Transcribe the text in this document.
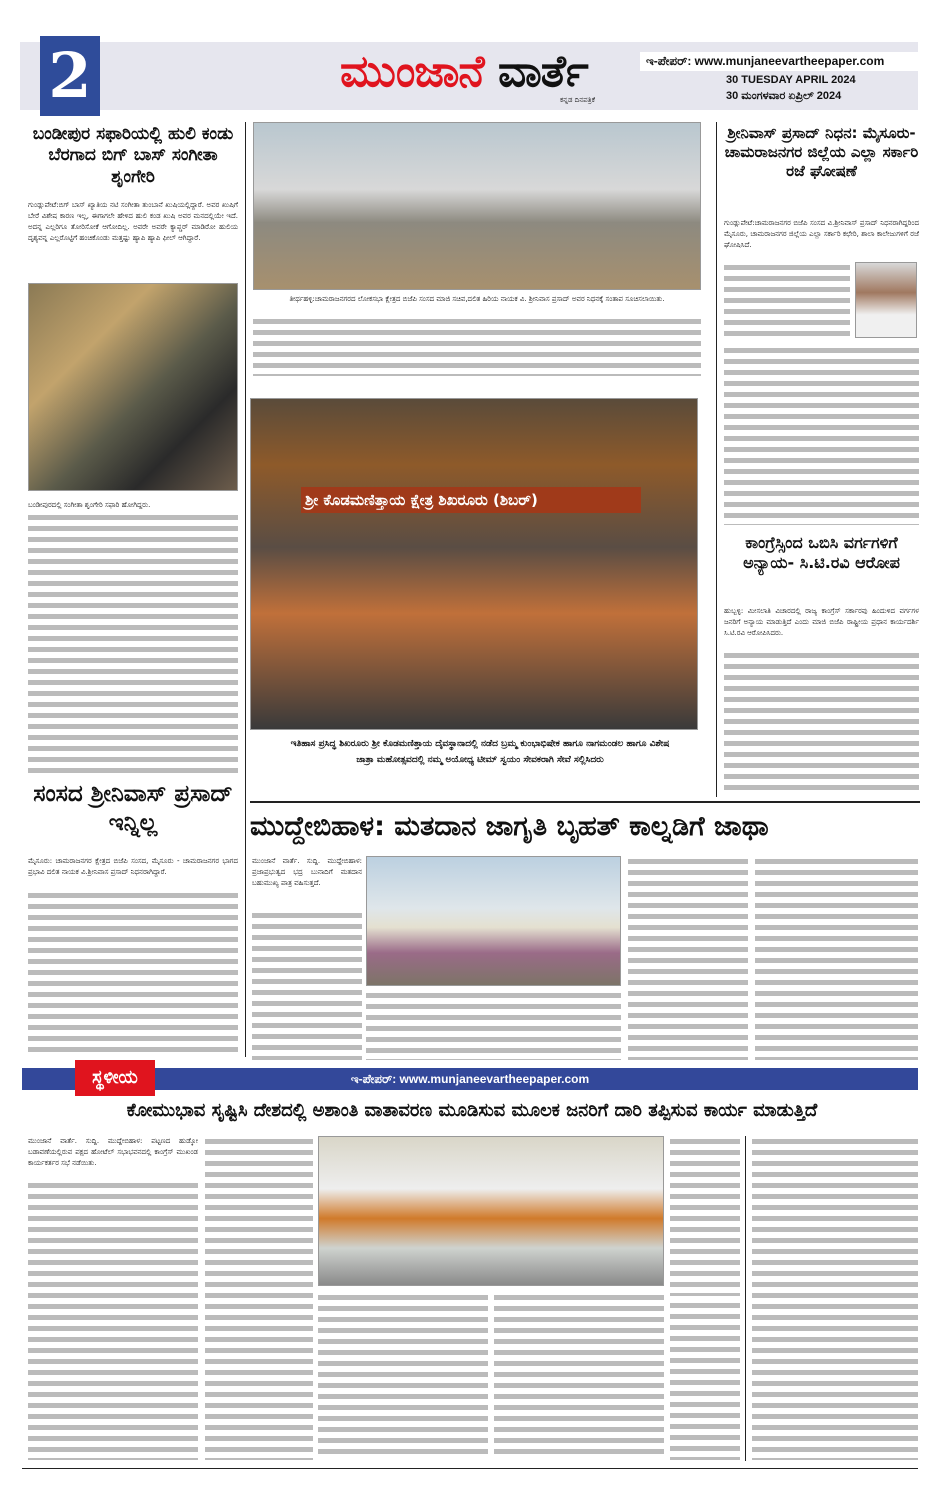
2	ಮುಂಜಾನೆ ವಾರ್ತೆ
ಕನ್ನಡ ದಿನಪತ್ರಿಕೆ
ಇ-ಪೇಪರ್: www.munjaneevartheepaper.com
30 TUESDAY APRIL 2024
30 ಮಂಗಳವಾರ ಏಪ್ರಿಲ್ 2024
ಬಂಡೀಪುರ ಸಫಾರಿಯಲ್ಲಿ ಹುಲಿ ಕಂಡು ಬೆರಗಾದ ಬಿಗ್ ಬಾಸ್ ಸಂಗೀತಾ ಶೃಂಗೇರಿ
ಗುಂಡ್ಲುಪೇಟೆ:ಬಿಗ್ ಬಾಸ್ ಖ್ಯಾತಿಯ ನಟಿ ಸಂಗೀತಾ ತುಂಬಾನೆ ಖುಷಿಯಲ್ಲಿದ್ದಾರೆ. ಅವರ ಖುಷಿಗೆ ಬೇರೆ ವಿಶೇಷ ಕಾರಣ ಇಲ್ಲ, ಈಗಾಗಲೇ ಹೇಳಿದ ಹುಲಿ ಕಂಡ ಖುಷಿ ಅವರ ಮನದಲ್ಲಿಯೇ ಇದೆ. ಅದನ್ನ ಎಲ್ಲರಿಗೂ ತೋರಿಸೋಕೆ ಆಗೋದಿಲ್ಲ. ಅವರೇ ಅವರೇ ಕ್ಯಾಪ್ಚರ್ ಮಾಡಿರೋ ಹುಲಿಯ ದೃಶ್ಯವನ್ನ ಎಲ್ಲರೊಟ್ಟಿಗೆ ಹಂಚಿಕೊಂಡು ಮತ್ತಷ್ಟು ಹ್ಯಾಪಿ ಹ್ಯಾಪಿ ಫೀಲ್ ಆಗಿದ್ದಾರೆ.
ಬಂಡೀಪುರದಲ್ಲಿ ಸಂಗೀತಾ ಶೃಂಗೇರಿ ಸಫಾರಿ ಹೋಗಿದ್ದರು.
ಸಂಸದ ಶ್ರೀನಿವಾಸ್ ಪ್ರಸಾದ್ ಇನ್ನಿಲ್ಲ
ಮೈಸೂರು: ಚಾಮರಾಜನಗರ ಕ್ಷೇತ್ರದ ಬಿಜೆಪಿ ಸಂಸದ, ಮೈಸೂರು - ಚಾಮರಾಜನಗರ ಭಾಗದ ಪ್ರಭಾವಿ ದಲಿತ ನಾಯಕ ವಿ.ಶ್ರೀನಿವಾಸ ಪ್ರಸಾದ್ ನಿಧನರಾಗಿದ್ದಾರೆ.
ತೀರ್ಥಹಳ್ಳಿ:ಚಾಮರಾಜನಗರದ ಲೋಕಸಭಾ ಕ್ಷೇತ್ರದ ಬಿಜೆಪಿ ಸಂಸದ ಮಾಜಿ ಸಚಿವ,ದಲಿತ ಹಿರಿಯ ನಾಯಕ ವಿ. ಶ್ರೀನಿವಾಸ ಪ್ರಸಾದ್ ಅವರ ನಿಧನಕ್ಕೆ ಸಂತಾಪ ಸೂಚಿಸಲಾಯಿತು.
ಶ್ರೀ ಕೊಡಮಣಿತ್ತಾಯ ಕ್ಷೇತ್ರ ಶಿಖರೂರು (ಶಿಬರ್)
ಇತಿಹಾಸ ಪ್ರಸಿದ್ಧ ಶಿಖರೂರು ಶ್ರೀ ಕೊಡಮಣಿತ್ತಾಯ ದೈವಸ್ಥಾನಾದಲ್ಲಿ ನಡೆದ ಬ್ರಮ್ಮ ಕುಂಭಾಭಿಷೇಕ ಹಾಗೂ ನಾಗಮಂಡಲ ಹಾಗೂ ವಿಶೇಷ ಜಾತ್ರಾ ಮಹೋತ್ಸವದಲ್ಲಿ ನಮ್ಮ ಅಯೋಧ್ಯ ಟೀಮ್ ಸ್ವಯಂ ಸೇವಕರಾಗಿ ಸೇವೆ ಸಲ್ಲಿಸಿದರು
ಮುದ್ದೇಬಿಹಾಳ: ಮತದಾನ ಜಾಗೃತಿ ಬೃಹತ್ ಕಾಲ್ನಡಿಗೆ ಜಾಥಾ
ಮುಂಜಾನೆ ವಾರ್ತೆ. ಸುದ್ದಿ. ಮುದ್ದೇಬಿಹಾಳ: ಪ್ರಜಾಪ್ರಭುತ್ವದ ಭದ್ರ ಬುನಾದಿಗೆ ಮತದಾನ ಬಹುಮುಖ್ಯ ಪಾತ್ರ ವಹಿಸುತ್ತದೆ.
ಶ್ರೀನಿವಾಸ್ ಪ್ರಸಾದ್ ನಿಧನ: ಮೈಸೂರು-ಚಾಮರಾಜನಗರ ಜಿಲ್ಲೆಯ ಎಲ್ಲಾ ಸರ್ಕಾರಿ ರಜೆ ಘೋಷಣೆ
ಗುಂಡ್ಲುಪೇಟೆ:ಚಾಮರಾಜನಗರ ಬಿಜೆಪಿ ಸಂಸದ ವಿ.ಶ್ರೀನಿವಾಸ್ ಪ್ರಸಾದ್ ನಿಧನರಾಗಿದ್ದರಿಂದ ಮೈಸೂರು, ಚಾಮರಾಜನಗರ ಜಿಲ್ಲೆಯ ಎಲ್ಲಾ ಸರ್ಕಾರಿ ಕಛೇರಿ, ಶಾಲಾ ಕಾಲೇಜುಗಳಿಗೆ ರಜೆ ಘೋಷಿಸಿದೆ.
ಕಾಂಗ್ರೆಸ್ಸಿಂದ ಒಬಿಸಿ ವರ್ಗಗಳಿಗೆ ಅನ್ಯಾಯ- ಸಿ.ಟಿ.ರವಿ ಆರೋಪ
ಹುಬ್ಬಳ್ಳಿ: ಮೀಸಲಾತಿ ವಿಚಾರದಲ್ಲಿ ರಾಜ್ಯ ಕಾಂಗ್ರೆಸ್ ಸರ್ಕಾರವು ಹಿಂದುಳಿದ ವರ್ಗಗಳ ಜನರಿಗೆ ಅನ್ಯಾಯ ಮಾಡುತ್ತಿದೆ ಎಂದು ಮಾಜಿ ಬಿಜೆಪಿ ರಾಷ್ಟ್ರೀಯ ಪ್ರಧಾನ ಕಾರ್ಯದರ್ಶಿ ಸಿ.ಟಿ.ರವಿ ಆರೋಪಿಸಿದರು.
ಇ-ಪೇಪರ್: www.munjaneevartheepaper.com
ಸ್ಥಳೀಯ
ಕೋಮುಭಾವ ಸೃಷ್ಟಿಸಿ ದೇಶದಲ್ಲಿ ಅಶಾಂತಿ ವಾತಾವರಣ ಮೂಡಿಸುವ ಮೂಲಕ ಜನರಿಗೆ ದಾರಿ ತಪ್ಪಿಸುವ ಕಾರ್ಯ ಮಾಡುತ್ತಿದೆ
ಮುಂಜಾನೆ ವಾರ್ತೆ. ಸುದ್ದಿ. ಮುದ್ದೇಬಿಹಾಳ: ಪಟ್ಟಣದ ಹುಡ್ಕೋ ಬಡಾವಣೆಯಲ್ಲಿರುವ ಪಕ್ಷದ ಹೋಟೆಲ್ ಸಭಾಭವನದಲ್ಲಿ ಕಾಂಗ್ರೆಸ್ ಮುಖಂಡ ಕಾರ್ಯಕರ್ತರ ಸಭೆ ನಡೆಯಿತು.
